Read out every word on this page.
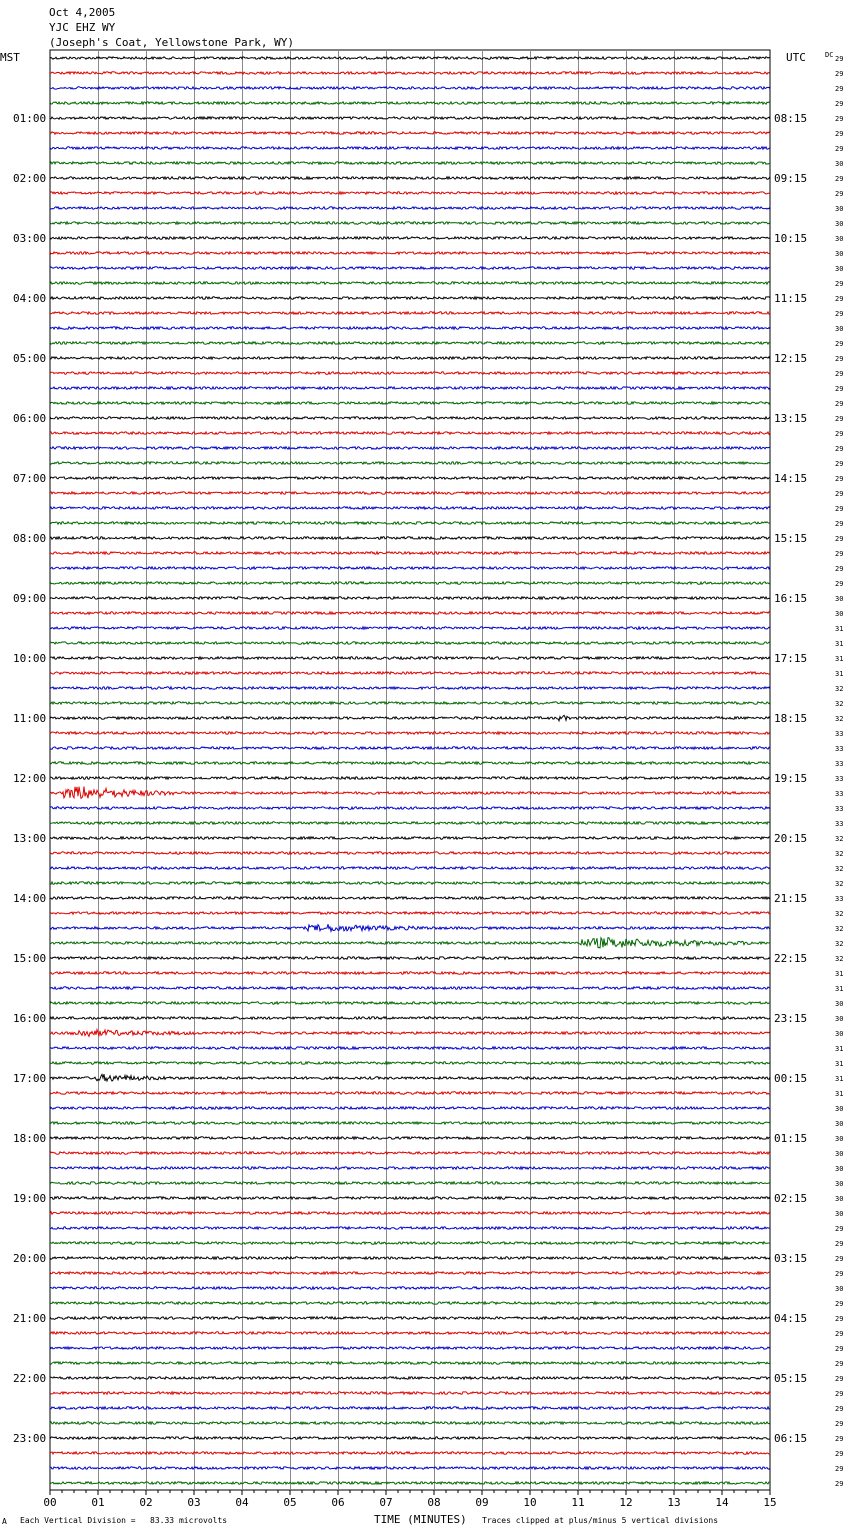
Oct 4,2005
YJC EHZ WY
(Joseph's Coat, Yellowstone Park, WY)
MST	UTC	DC
01:00	08:15
02:00	09:15
03:00	10:15
04:00	11:15
05:00	12:15
06:00	13:15
07:00	14:15
08:00	15:15
09:00	16:15
10:00	17:15
11:00	18:15
12:00	19:15
13:00	20:15
14:00	21:15
15:00	22:15
16:00	23:15
17:00	00:15
18:00	01:15
19:00	02:15
20:00	03:15
21:00	04:15
22:00	05:15
23:00	06:15
29
29
29
29
29
29
29
30
29
29
30
30
30
30
30
29
29
29
30
29
29
29
29
29
29
29
29
29
29
29
29
29
29
29
29
29
30
30
31
31
31
31
32
32
32
33
33
33
33
33
33
33
32
32
32
32
33
32
32
32
32
31
31
30
30
30
31
31
31
31
30
30
30
30
30
30
30
30
29
29
29
29
30
29
29
29
29
29
29
29
29
29
29
29
29
29
00	01	02	03	04	05	06	07	08	09	10	11	12	13	14	15
A Each Vertical Division =   83.33 microvolts	TIME (MINUTES) Traces clipped at plus/minus 5 vertical divisions
